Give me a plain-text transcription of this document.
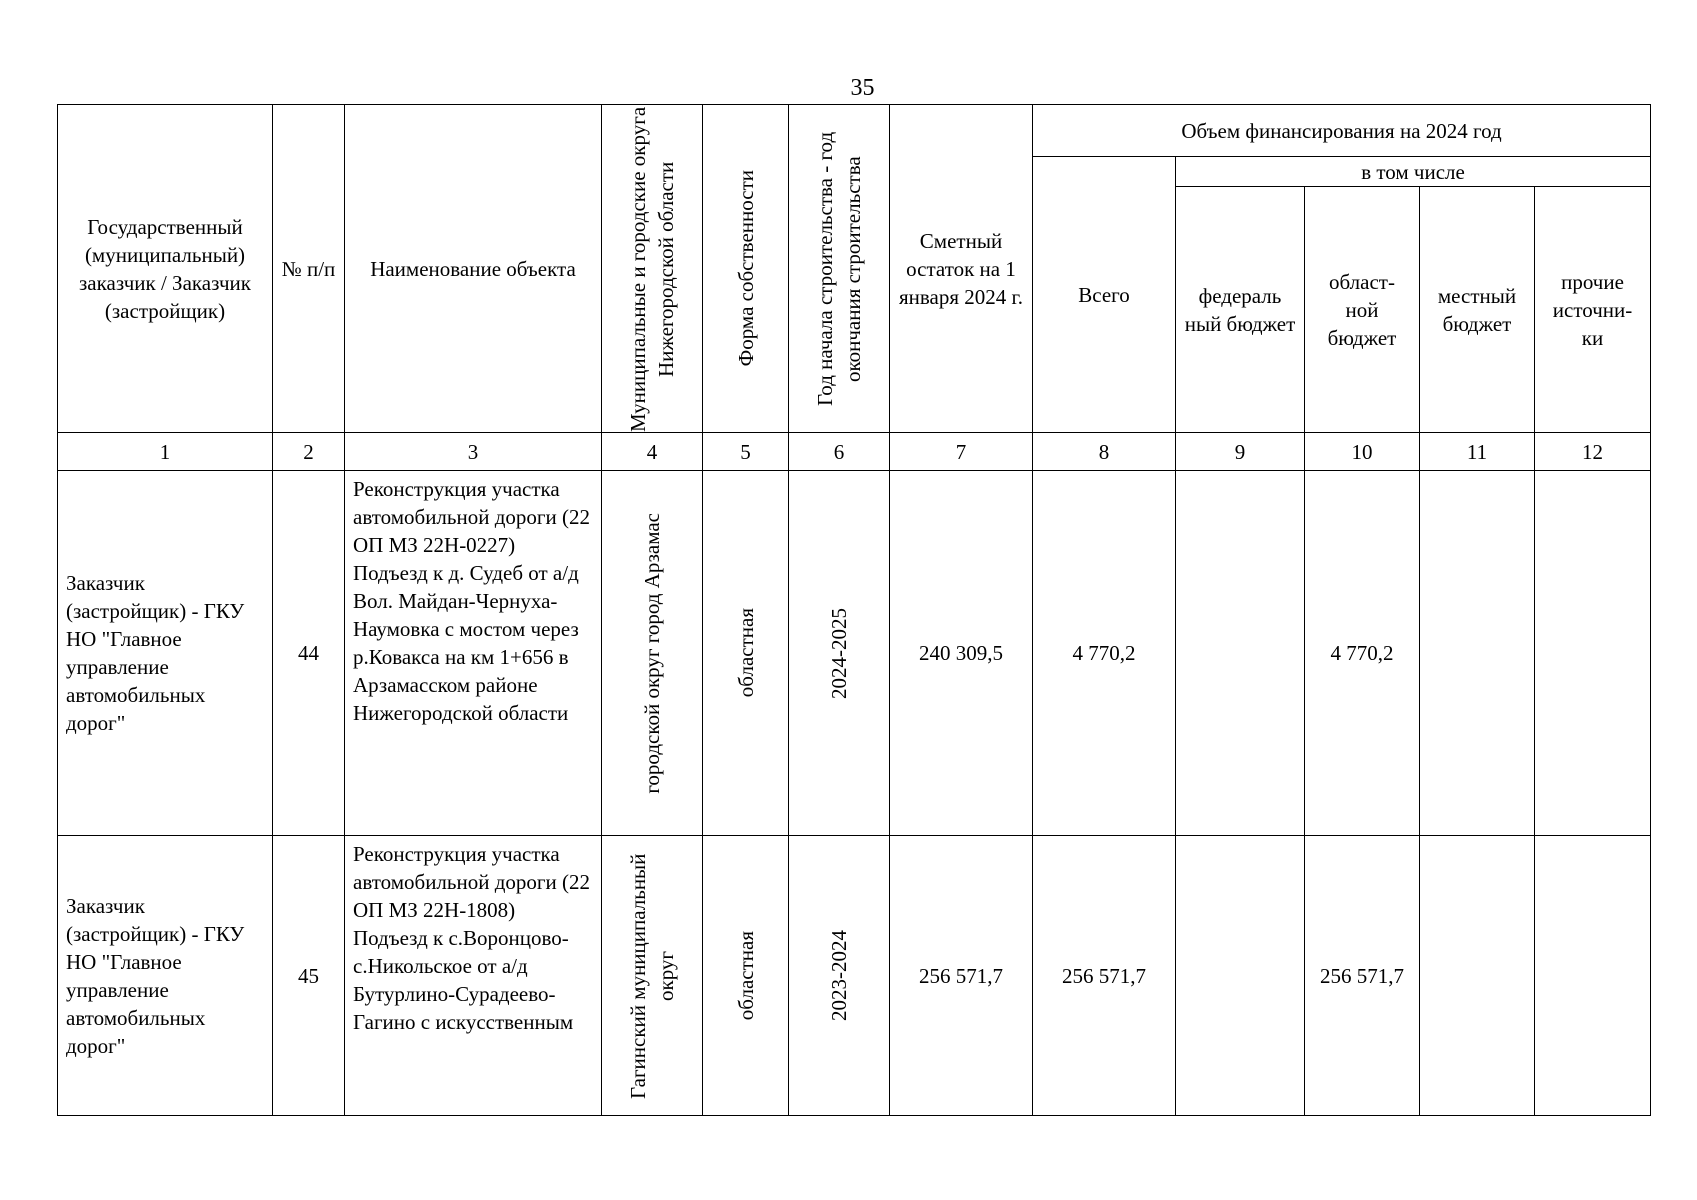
35
Государственный (муниципальный) заказчик / Заказчик (застройщик)	№ п/п	Наименование объекта	Муниципальные и городские округа Нижегородской области	Форма собственности	Год начала строительства - год окончания строительства	Сметный остаток на 1 января 2024 г.	Объем финансирования на 2024 год				
							Всего	в том числе			
								федераль ный бюджет	област- ной бюджет	местный бюджет	прочие источни- ки
1	2	3	4	5	6	7	8	9	10	11	12
Заказчик (застройщик) - ГКУ НО "Главное управление автомобильных дорог"	44	Реконструкция участка автомобильной дороги (22 ОП МЗ 22Н-0227) Подъезд к д. Судеб от а/д Вол. Майдан-Чернуха-Наумовка с мостом через р.Ковакса на км 1+656 в Арзамасском районе Нижегородской области	городской округ город Арзамас	областная	2024-2025	240 309,5	4 770,2		4 770,2		
Заказчик (застройщик) - ГКУ НО "Главное управление автомобильных дорог"	45	Реконструкция участка автомобильной дороги (22 ОП МЗ 22Н-1808) Подъезд к с.Воронцово-с.Никольское от а/д Бутурлино-Сурадеево-Гагино с искусственным	Гагинский муниципальный округ	областная	2023-2024	256 571,7	256 571,7		256 571,7		
